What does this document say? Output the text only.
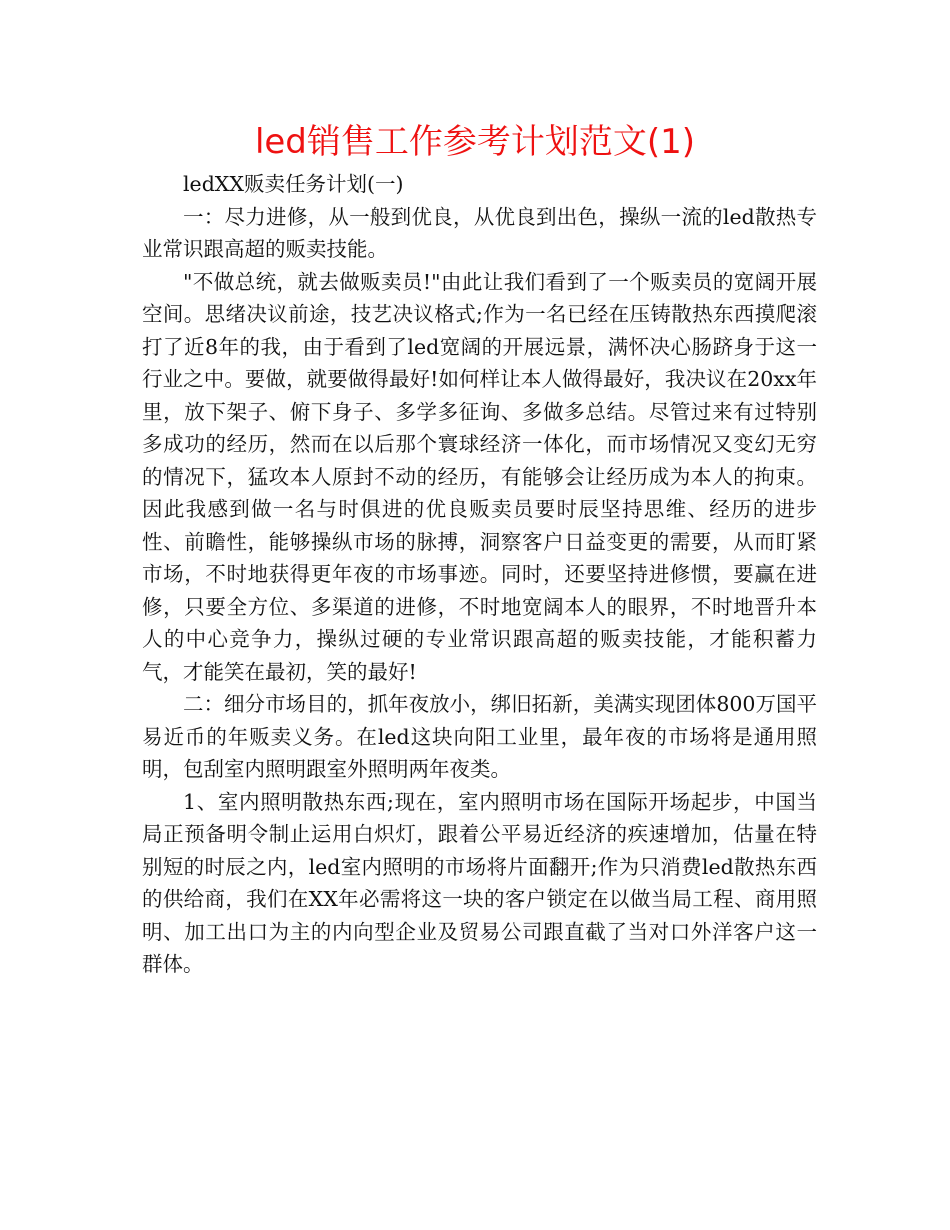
led销售工作参考计划范文(1)

ledXX贩卖任务计划(一)

一：尽力进修，从一般到优良，从优良到出色，操纵一流的led散热专业常识跟高超的贩卖技能。

"不做总统，就去做贩卖员!"由此让我们看到了一个贩卖员的宽阔开展空间。思绪决议前途，技艺决议格式;作为一名已经在压铸散热东西摸爬滚打了近8年的我，由于看到了led宽阔的开展远景，满怀决心肠跻身于这一行业之中。要做，就要做得最好!如何样让本人做得最好，我决议在20xx年里，放下架子、俯下身子、多学多征询、多做多总结。尽管过来有过特别多成功的经历，然而在以后那个寰球经济一体化，而市场情况又变幻无穷的情况下，猛攻本人原封不动的经历，有能够会让经历成为本人的拘束。因此我感到做一名与时俱进的优良贩卖员要时辰坚持思维、经历的进步性、前瞻性，能够操纵市场的脉搏，洞察客户日益变更的需要，从而盯紧市场，不时地获得更年夜的市场事迹。同时，还要坚持进修惯，要赢在进修，只要全方位、多渠道的进修，不时地宽阔本人的眼界，不时地晋升本人的中心竞争力，操纵过硬的专业常识跟高超的贩卖技能，才能积蓄力气，才能笑在最初，笑的最好!

二：细分市场目的，抓年夜放小，绑旧拓新，美满实现团体800万国平易近币的年贩卖义务。在led这块向阳工业里，最年夜的市场将是通用照明，包刮室内照明跟室外照明两年夜类。

1、室内照明散热东西;现在，室内照明市场在国际开场起步，中国当局正预备明令制止运用白炽灯，跟着公平易近经济的疾速增加，估量在特别短的时辰之内，led室内照明的市场将片面翻开;作为只消费led散热东西的供给商，我们在XX年必需将这一块的客户锁定在以做当局工程、商用照明、加工出口为主的内向型企业及贸易公司跟直截了当对口外洋客户这一群体。
